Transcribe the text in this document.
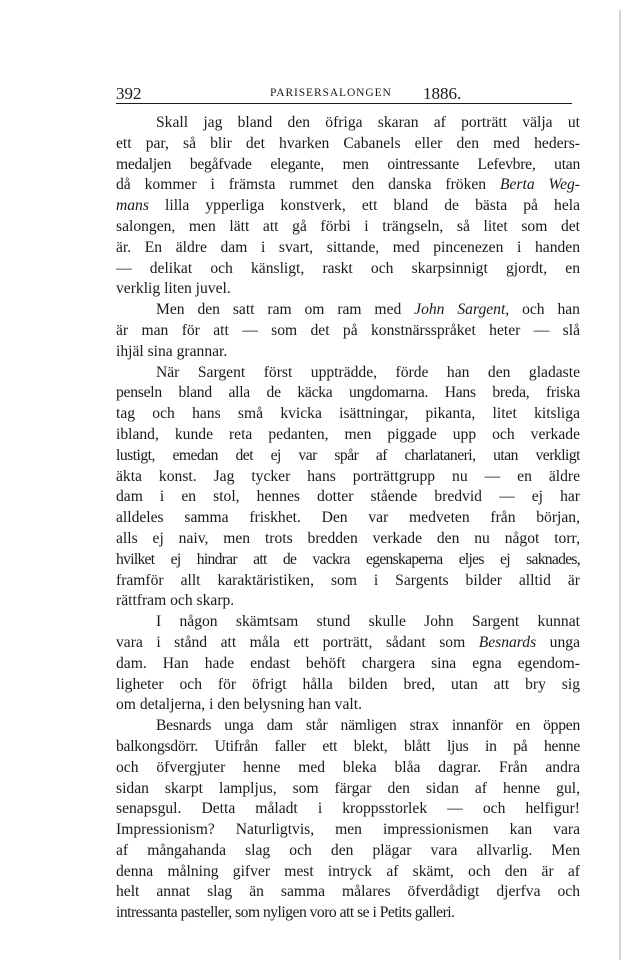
392	PARISERSALONGEN 1886.
Skall jag bland den öfriga skaran af porträtt välja ut
ett par, så blir det hvarken Cabanels eller den med heders-
medaljen begåfvade elegante, men ointressante Lefevbre, utan
då kommer i främsta rummet den danska fröken Berta Weg-
mans lilla ypperliga konstverk, ett bland de bästa på hela
salongen, men lätt att gå förbi i trängseln, så litet som det
är. En äldre dam i svart, sittande, med pincenezen i handen
— delikat och känsligt, raskt och skarpsinnigt gjordt, en
verklig liten juvel.
Men den satt ram om ram med John Sargent, och han
är man för att — som det på konstnärsspråket heter — slå
ihjäl sina grannar.
När Sargent först uppträdde, förde han den gladaste
penseln bland alla de käcka ungdomarna. Hans breda, friska
tag och hans små kvicka isättningar, pikanta, litet kitsliga
ibland, kunde reta pedanten, men piggade upp och verkade
lustigt, emedan det ej var spår af charlataneri, utan verkligt
äkta konst. Jag tycker hans porträttgrupp nu — en äldre
dam i en stol, hennes dotter stående bredvid — ej har
alldeles samma friskhet. Den var medveten från början,
alls ej naiv, men trots bredden verkade den nu något torr,
hvilket ej hindrar att de vackra egenskaperna eljes ej saknades,
framför allt karaktäristiken, som i Sargents bilder alltid är
rättfram och skarp.
I någon skämtsam stund skulle John Sargent kunnat
vara i stånd att måla ett porträtt, sådant som Besnards unga
dam. Han hade endast behöft chargera sina egna egendom-
ligheter och för öfrigt hålla bilden bred, utan att bry sig
om detaljerna, i den belysning han valt.
Besnards unga dam står nämligen strax innanför en öppen
balkongsdörr. Utifrån faller ett blekt, blått ljus in på henne
och öfvergjuter henne med bleka blåa dagrar. Från andra
sidan skarpt lampljus, som färgar den sidan af henne gul,
senapsgul. Detta måladt i kroppsstorlek — och helfigur!
Impressionism? Naturligtvis, men impressionismen kan vara
af mångahanda slag och den plägar vara allvarlig. Men
denna målning gifver mest intryck af skämt, och den är af
helt annat slag än samma målares öfverdådigt djerfva och
intressanta pasteller, som nyligen voro att se i Petits galleri.
